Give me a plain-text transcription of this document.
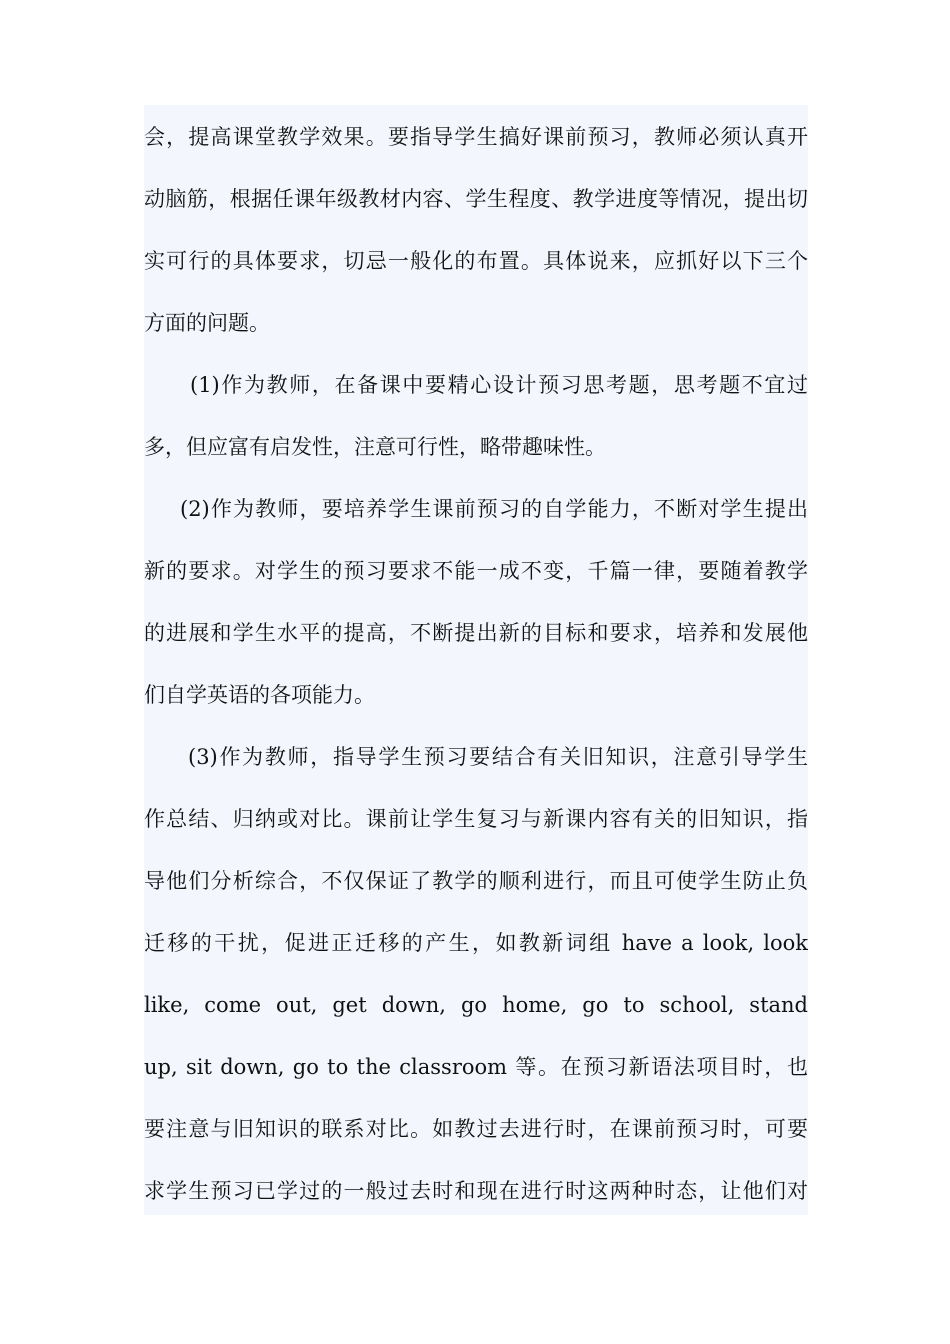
会，提高课堂教学效果。要指导学生搞好课前预习，教师必须认真开
动脑筋，根据任课年级教材内容、学生程度、教学进度等情况，提出切
实可行的具体要求，切忌一般化的布置。具体说来，应抓好以下三个
方面的问题。
(1)作为教师，在备课中要精心设计预习思考题，思考题不宜过
多，但应富有启发性，注意可行性，略带趣味性。
(2)作为教师，要培养学生课前预习的自学能力，不断对学生提出
新的要求。对学生的预习要求不能一成不变，千篇一律，要随着教学
的进展和学生水平的提高，不断提出新的目标和要求，培养和发展他
们自学英语的各项能力。
(3)作为教师，指导学生预习要结合有关旧知识，注意引导学生
作总结、归纳或对比。课前让学生复习与新课内容有关的旧知识，指
导他们分析综合，不仅保证了教学的顺利进行，而且可使学生防止负
迁移的干扰，促进正迁移的产生，如教新词组 have a look, look
like, come out, get down, go home, go to school, stand
up, sit down, go to the classroom 等。在预习新语法项目时，也
要注意与旧知识的联系对比。如教过去进行时，在课前预习时，可要
求学生预习已学过的一般过去时和现在进行时这两种时态，让他们对
